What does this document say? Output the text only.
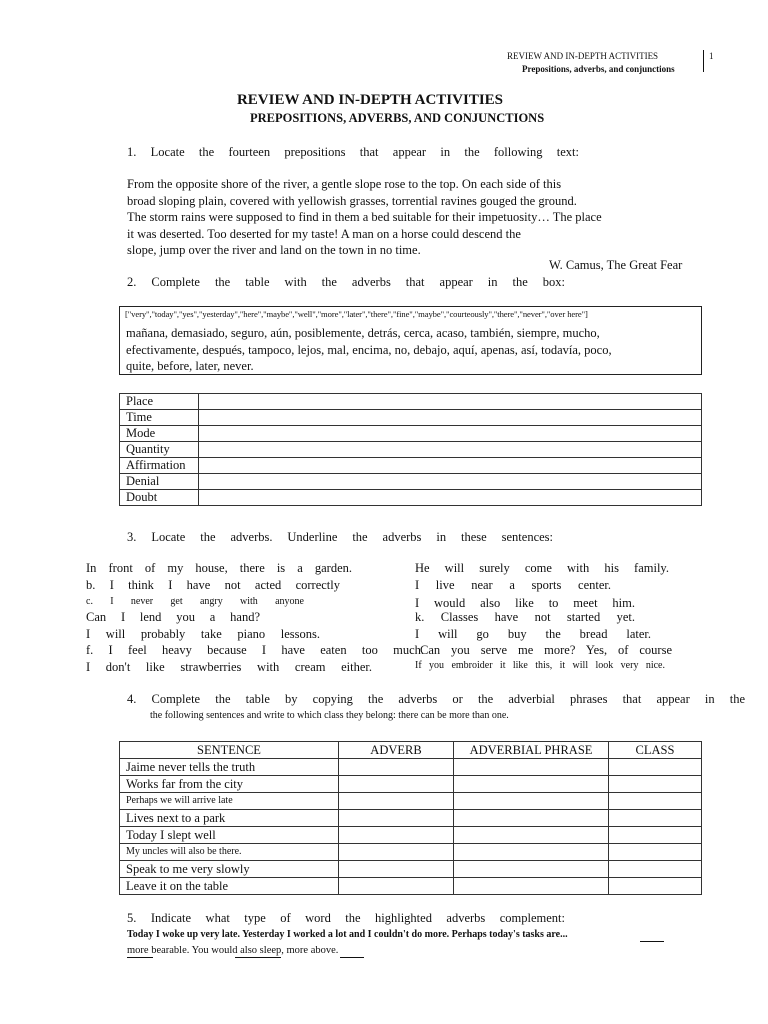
REVIEW AND IN-DEPTH ACTIVITIES
Prepositions, adverbs, and conjunctions
1
REVIEW AND IN-DEPTH ACTIVITIES
PREPOSITIONS, ADVERBS, AND CONJUNCTIONS
1. Locate the fourteen prepositions that appear in the following text:
From the opposite shore of the river, a gentle slope rose to the top. On each side of this
broad sloping plain, covered with yellowish grasses, torrential ravines gouged the ground.
The storm rains were supposed to find in them a bed suitable for their impetuosity… The place
it was deserted. Too deserted for my taste! A man on a horse could descend the
slope, jump over the river and land on the town in no time.
W. Camus, The Great Fear
2. Complete the table with the adverbs that appear in the box:
["very","today","yes","yesterday","here","maybe","well","more","later","there","fine","maybe","courteously","there","never","over here"]
mañana, demasiado, seguro, aún, posiblemente, detrás, cerca, acaso, también, siempre, mucho,
efectivamente, después, tampoco, lejos, mal, encima, no, debajo, aquí, apenas, así, todavía, poco,
quite, before, later, never.
Place	
Time	
Mode	
Quantity	
Affirmation	
Denial	
Doubt	
3. Locate the adverbs. Underline the adverbs in these sentences:
In front of my house, there is a garden.
b. I think I have not acted correctly
c. I never get angry with anyone
Can I lend you a hand?
I will probably take piano lessons.
f. I feel heavy because I have eaten too much.
I don't like strawberries with cream either.
He will surely come with his family.
I live near a sports center.
I would also like to meet him.
k. Classes have not started yet.
I will go buy the bread later.
Can you serve me more? Yes, of course
If you embroider it like this, it will look very nice.
4. Complete the table by copying the adverbs or the adverbial phrases that appear in the
the following sentences and write to which class they belong: there can be more than one.
SENTENCE	ADVERB	ADVERBIAL PHRASE	CLASS
Jaime never tells the truth			
Works far from the city			
Perhaps we will arrive late			
Lives next to a park			
Today I slept well			
My uncles will also be there.			
Speak to me very slowly			
Leave it on the table			
5. Indicate what type of word the highlighted adverbs complement:
Today I woke up very late. Yesterday I worked a lot and I couldn't do more. Perhaps today's tasks are...
more bearable. You would also sleep, more above.
